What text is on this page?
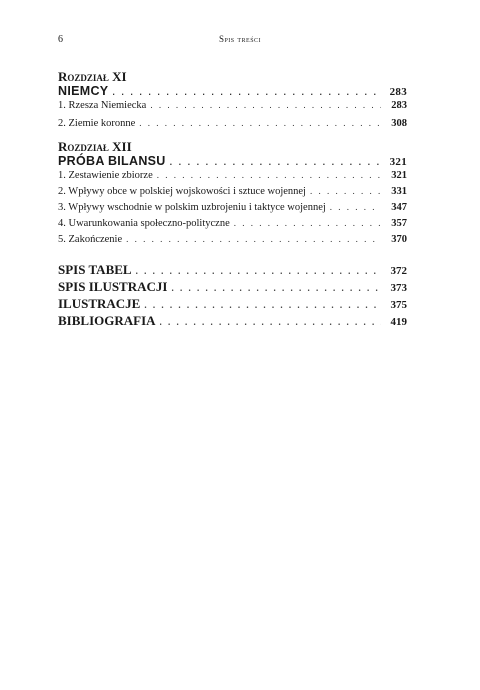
6	Spis treści
Rozdział XI
NIEMCY . . .	283
1. Rzesza Niemiecka . . .	283
2. Ziemie koronne . . .	308
Rozdział XII
PRÓBA BILANSU . . .	321
1. Zestawienie zbiorze . . .	321
2. Wpływy obce w polskiej wojskowości i sztuce wojennej . . .	331
3. Wpływy wschodnie w polskim uzbrojeniu i taktyce wojennej . . .	347
4. Uwarunkowania społeczno-polityczne . . .	357
5. Zakończenie . . .	370
SPIS TABEL . . .	372
SPIS ILUSTRACJI . . .	373
ILUSTRACJE . . .	375
BIBLIOGRAFIA . . .	419
